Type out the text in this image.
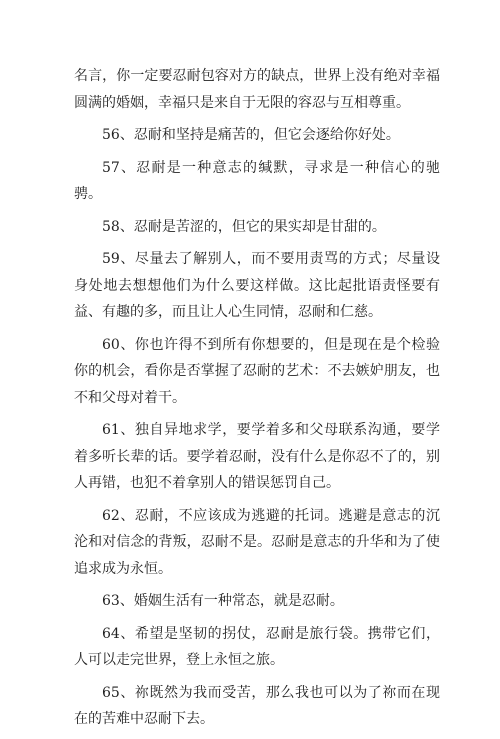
名言，你一定要忍耐包容对方的缺点，世界上没有绝对幸福圆满的婚姻，幸福只是来自于无限的容忍与互相尊重。

56、忍耐和坚持是痛苦的，但它会逐给你好处。

57、忍耐是一种意志的缄默，寻求是一种信心的驰骋。

58、忍耐是苦涩的，但它的果实却是甘甜的。

59、尽量去了解别人，而不要用责骂的方式；尽量设身处地去想想他们为什么要这样做。这比起批语责怪要有益、有趣的多，而且让人心生同情，忍耐和仁慈。

60、你也许得不到所有你想要的，但是现在是个检验你的机会，看你是否掌握了忍耐的艺术：不去嫉妒朋友，也不和父母对着干。

61、独自异地求学，要学着多和父母联系沟通，要学着多听长辈的话。要学着忍耐，没有什么是你忍不了的，别人再错，也犯不着拿别人的错误惩罚自己。

62、忍耐，不应该成为逃避的托词。逃避是意志的沉沦和对信念的背叛，忍耐不是。忍耐是意志的升华和为了使追求成为永恒。

63、婚姻生活有一种常态，就是忍耐。

64、希望是坚韧的拐仗，忍耐是旅行袋。携带它们，人可以走完世界，登上永恒之旅。

65、祢既然为我而受苦，那么我也可以为了祢而在现在的苦难中忍耐下去。
